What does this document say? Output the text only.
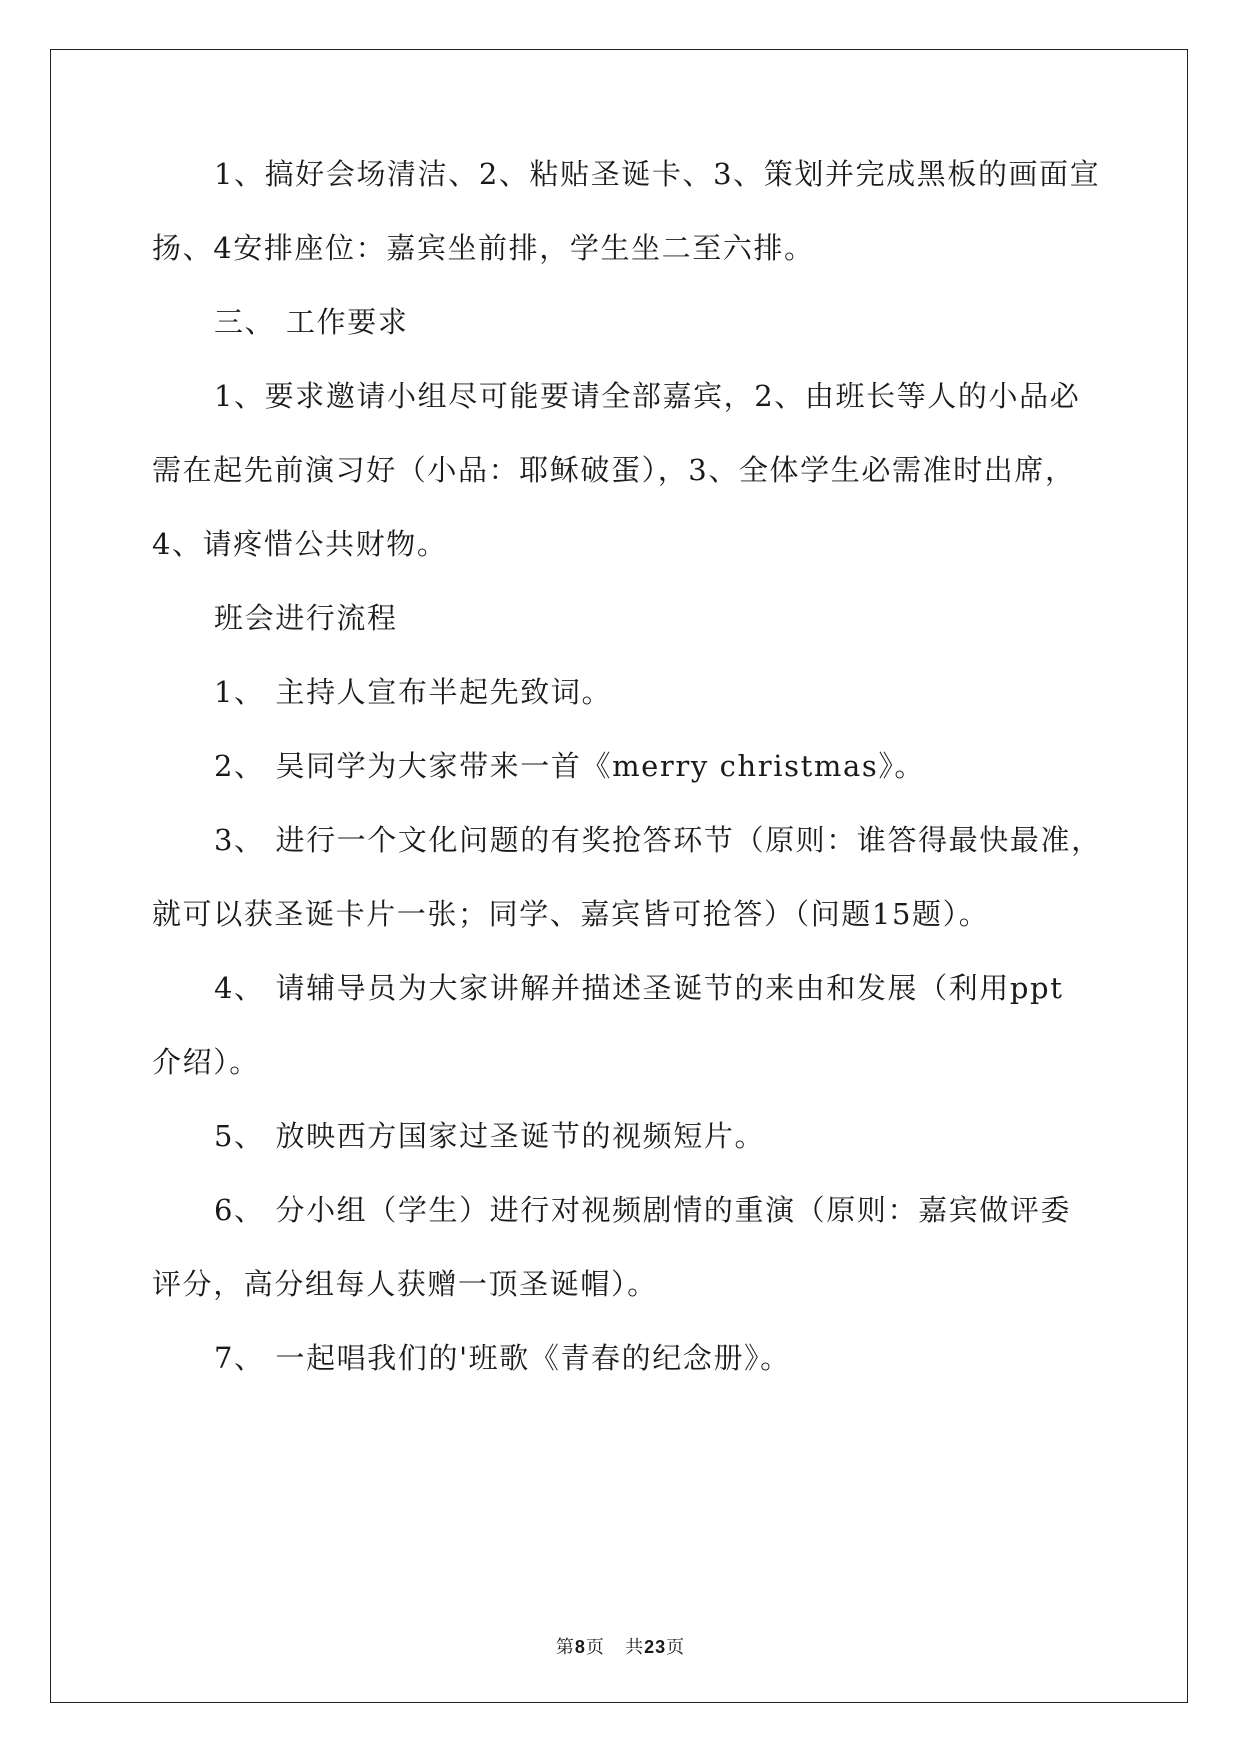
1、搞好会场清洁、2、粘贴圣诞卡、3、策划并完成黑板的画面宣
扬、4安排座位：嘉宾坐前排，学生坐二至六排。
三、 工作要求
1、要求邀请小组尽可能要请全部嘉宾，2、由班长等人的小品必
需在起先前演习好（小品：耶稣破蛋），3、全体学生必需准时出席，
4、请疼惜公共财物。
班会进行流程
1、 主持人宣布半起先致词。
2、 吴同学为大家带来一首《merry christmas》。
3、 进行一个文化问题的有奖抢答环节（原则：谁答得最快最准，
就可以获圣诞卡片一张；同学、嘉宾皆可抢答）（问题15题）。
4、 请辅导员为大家讲解并描述圣诞节的来由和发展（利用ppt
介绍）。
5、 放映西方国家过圣诞节的视频短片。
6、 分小组（学生）进行对视频剧情的重演（原则：嘉宾做评委
评分，高分组每人获赠一顶圣诞帽）。
7、 一起唱我们的'班歌《青春的纪念册》。
第8页 共23页
